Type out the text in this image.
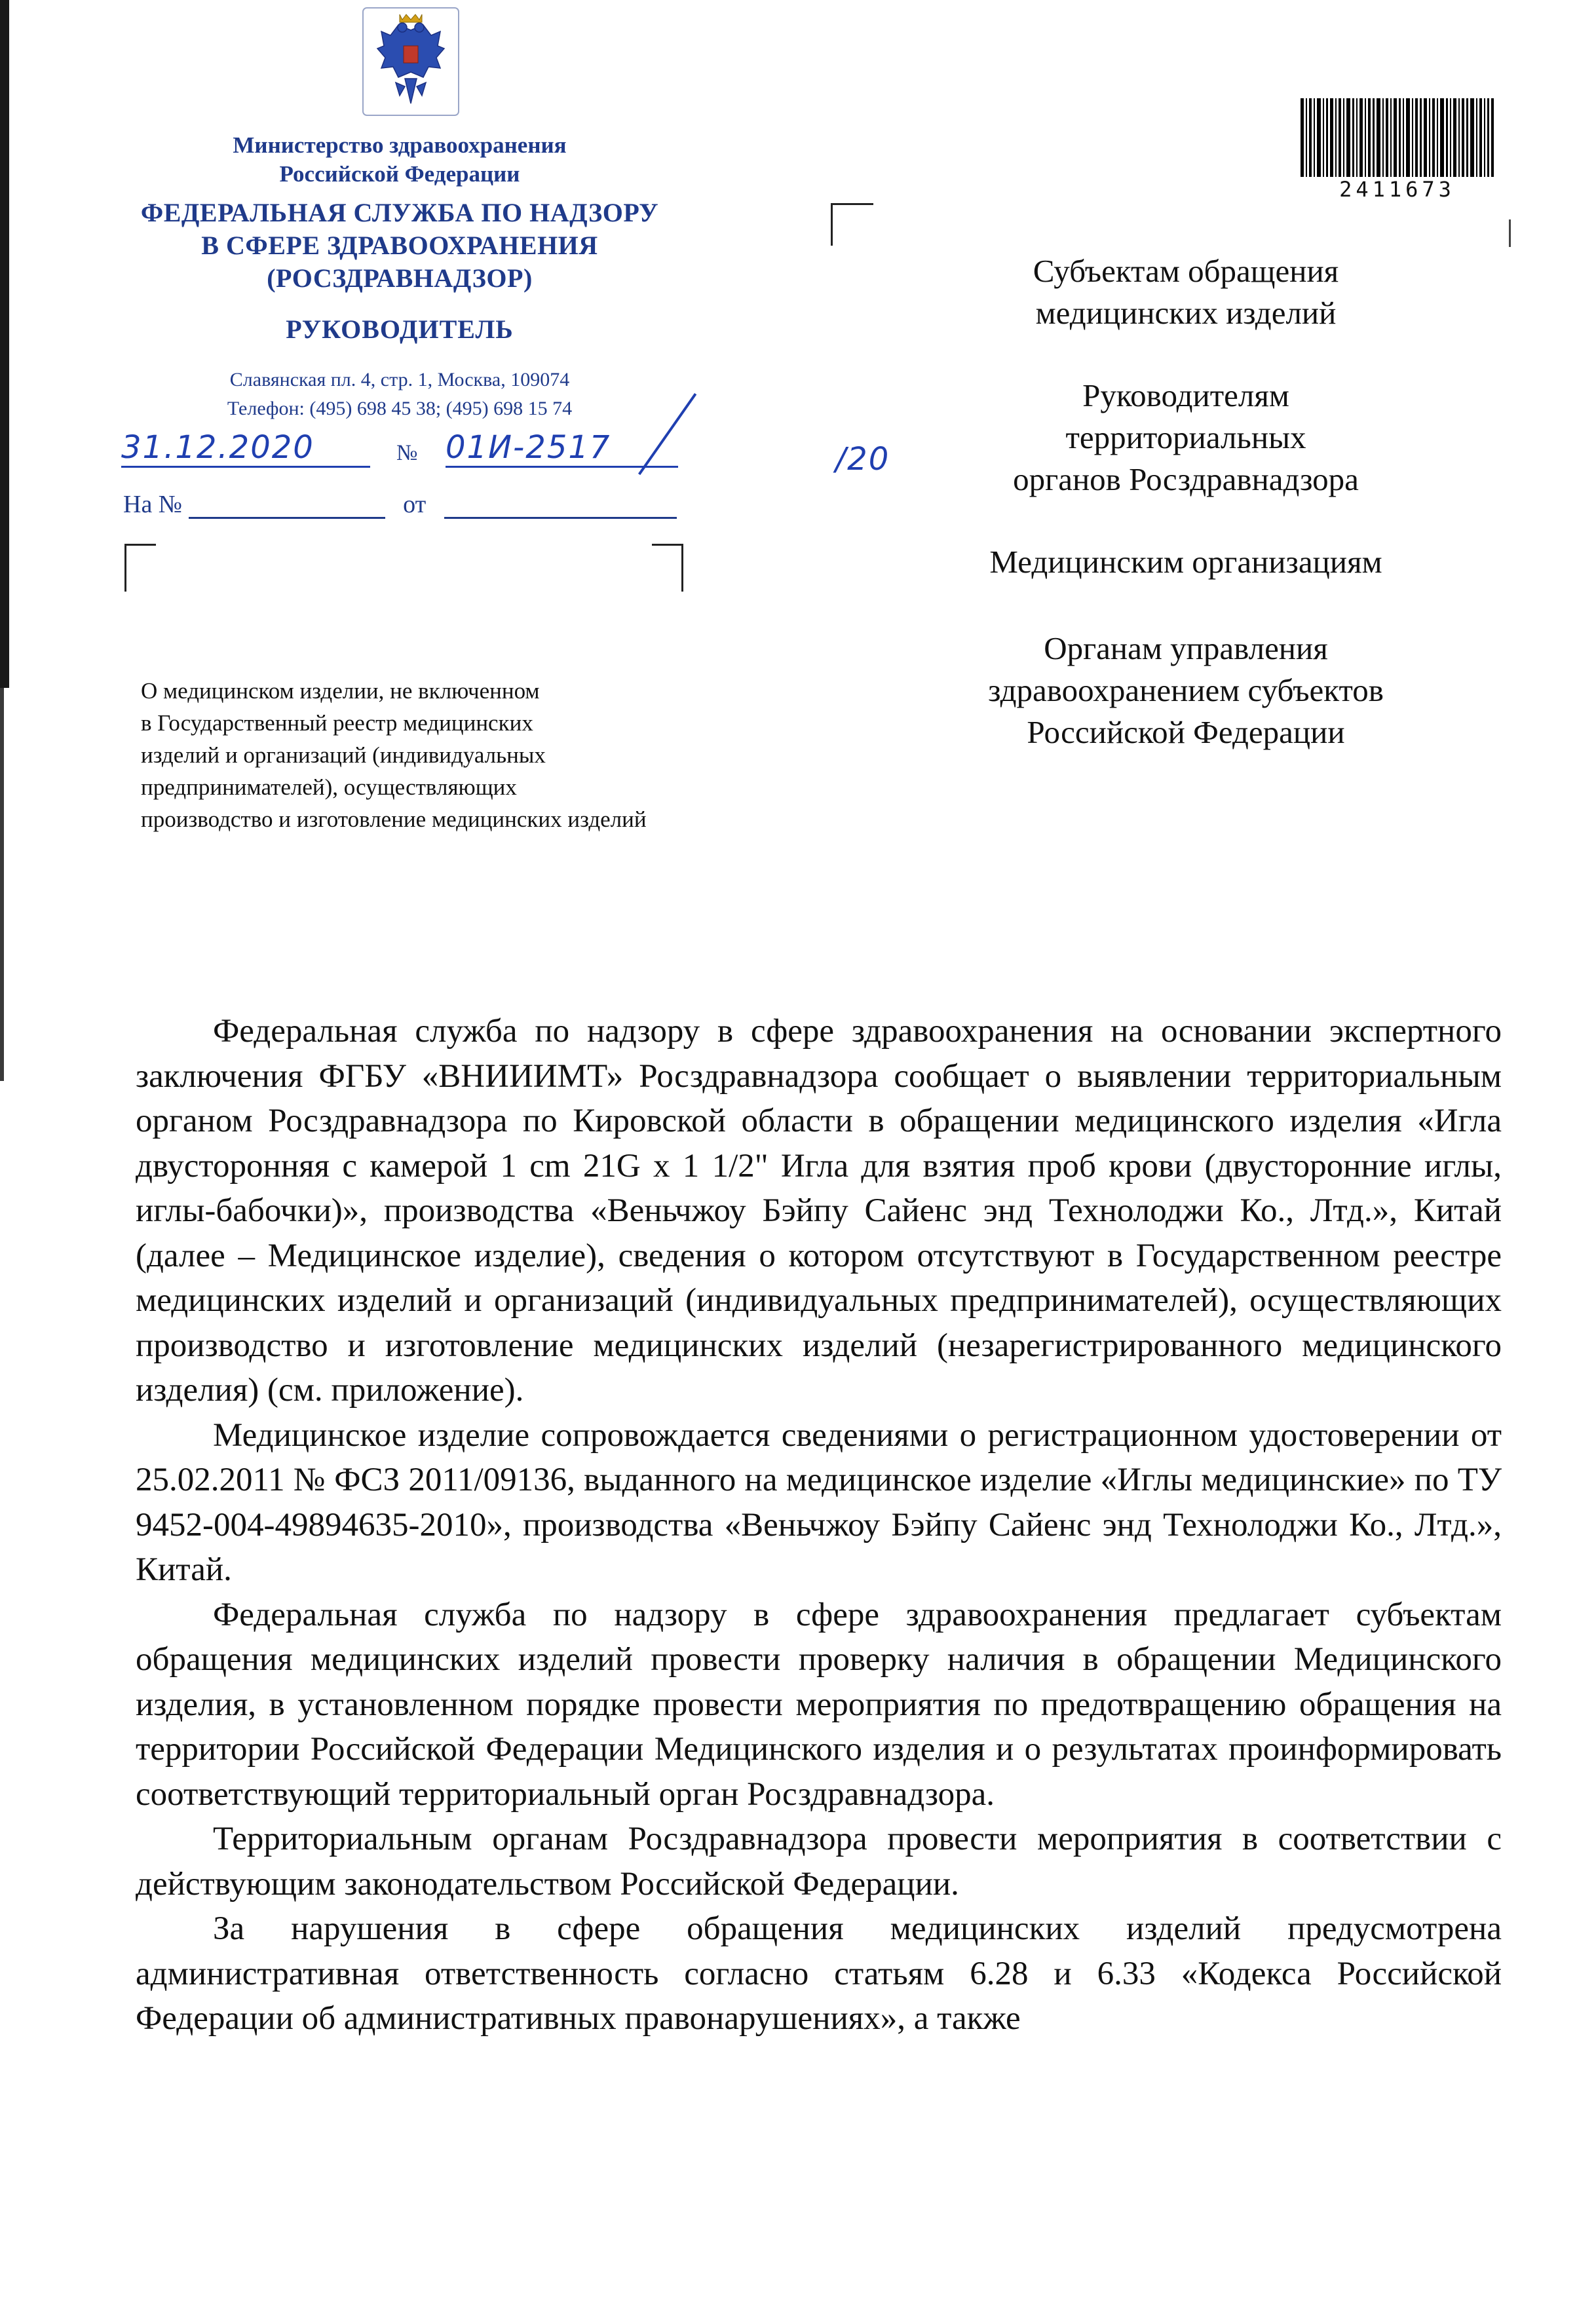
Министерство здравоохранения
Российской Федерации
ФЕДЕРАЛЬНАЯ СЛУЖБА ПО НАДЗОРУ
В СФЕРЕ ЗДРАВООХРАНЕНИЯ
(РОСЗДРАВНАДЗОР)
РУКОВОДИТЕЛЬ
Славянская пл. 4, стр. 1, Москва, 109074
Телефон: (495) 698 45 38; (495) 698 15 74
31.12.2020	№ 01И-2517	/20
На №	от
2411673

Субъектам обращения
медицинских изделий

Руководителям
территориальных
органов Росздравнадзора

Медицинским организациям

Органам управления
здравоохранением субъектов
Российской Федерации

О медицинском изделии, не включенном
в Государственный реестр медицинских
изделий и организаций (индивидуальных
предпринимателей), осуществляющих
производство и изготовление медицинских изделий

Федеральная служба по надзору в сфере здравоохранения на основании экспертного заключения ФГБУ «ВНИИИМТ» Росздравнадзора сообщает о выявлении территориальным органом Росздравнадзора по Кировской области в обращении медицинского изделия «Игла двусторонняя с камерой 1 cm 21G x 1 1/2" Игла для взятия проб крови (двусторонние иглы, иглы-бабочки)», производства «Веньчжоу Бэйпу Сайенс энд Технолоджи Ко., Лтд.», Китай (далее – Медицинское изделие), сведения о котором отсутствуют в Государственном реестре медицинских изделий и организаций (индивидуальных предпринимателей), осуществляющих производство и изготовление медицинских изделий (незарегистрированного медицинского изделия) (см. приложение).

Медицинское изделие сопровождается сведениями о регистрационном удостоверении от 25.02.2011 № ФСЗ 2011/09136, выданного на медицинское изделие «Иглы медицинские» по ТУ 9452-004-49894635-2010», производства «Веньчжоу Бэйпу Сайенс энд Технолоджи Ко., Лтд.», Китай.

Федеральная служба по надзору в сфере здравоохранения предлагает субъектам обращения медицинских изделий провести проверку наличия в обращении Медицинского изделия, в установленном порядке провести мероприятия по предотвращению обращения на территории Российской Федерации Медицинского изделия и о результатах проинформировать соответствующий территориальный орган Росздравнадзора.

Территориальным органам Росздравнадзора провести мероприятия в соответствии с действующим законодательством Российской Федерации.

За нарушения в сфере обращения медицинских изделий предусмотрена административная ответственность согласно статьям 6.28 и 6.33 «Кодекса Российской Федерации об административных правонарушениях», а также
